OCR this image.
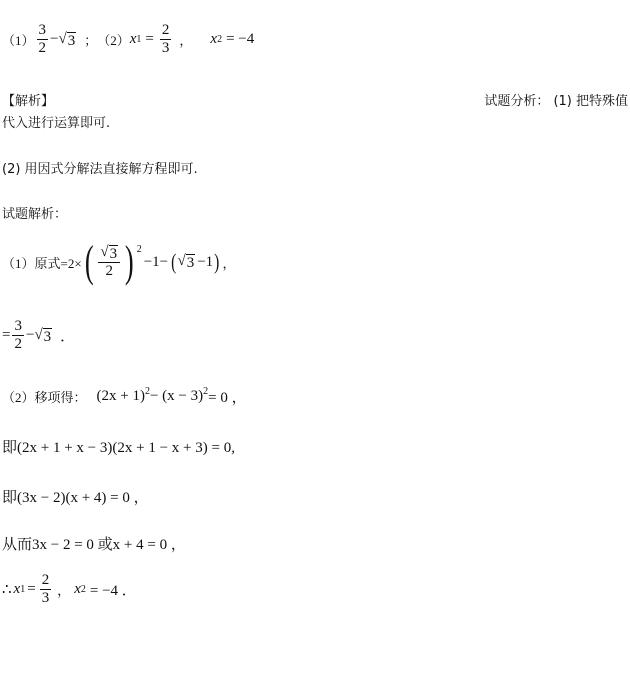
$(1) \frac{3}{2}$ − √ 3 ； （2） x $1 = \frac{2}{3}$ ， x 2 = −4
【解析】	试题分析： (1) 把特殊值
代入进行运算即可.
(2) 用因式分解法直接解方程即可.
试题解析：
（1）原式=2× ( $\frac{√ 3}{2}$ ) $^2$
−1− ( √ 3 −1 ) ，
= $\frac{3}{2}$ − √ 3 ．
（2）移项得： $(2x + 1)^2 - (x - 3)^2 = 0$ ，
即(2x + 1 + x − 3)(2x + 1 − x + 3) = 0,
即(3x − 2)(x + 4) = 0 ，
从而3x − 2 = 0 或x + 4 = 0 ，
∴ x $1 = \frac{2}{3}$ ， x 2 = −4 ．
